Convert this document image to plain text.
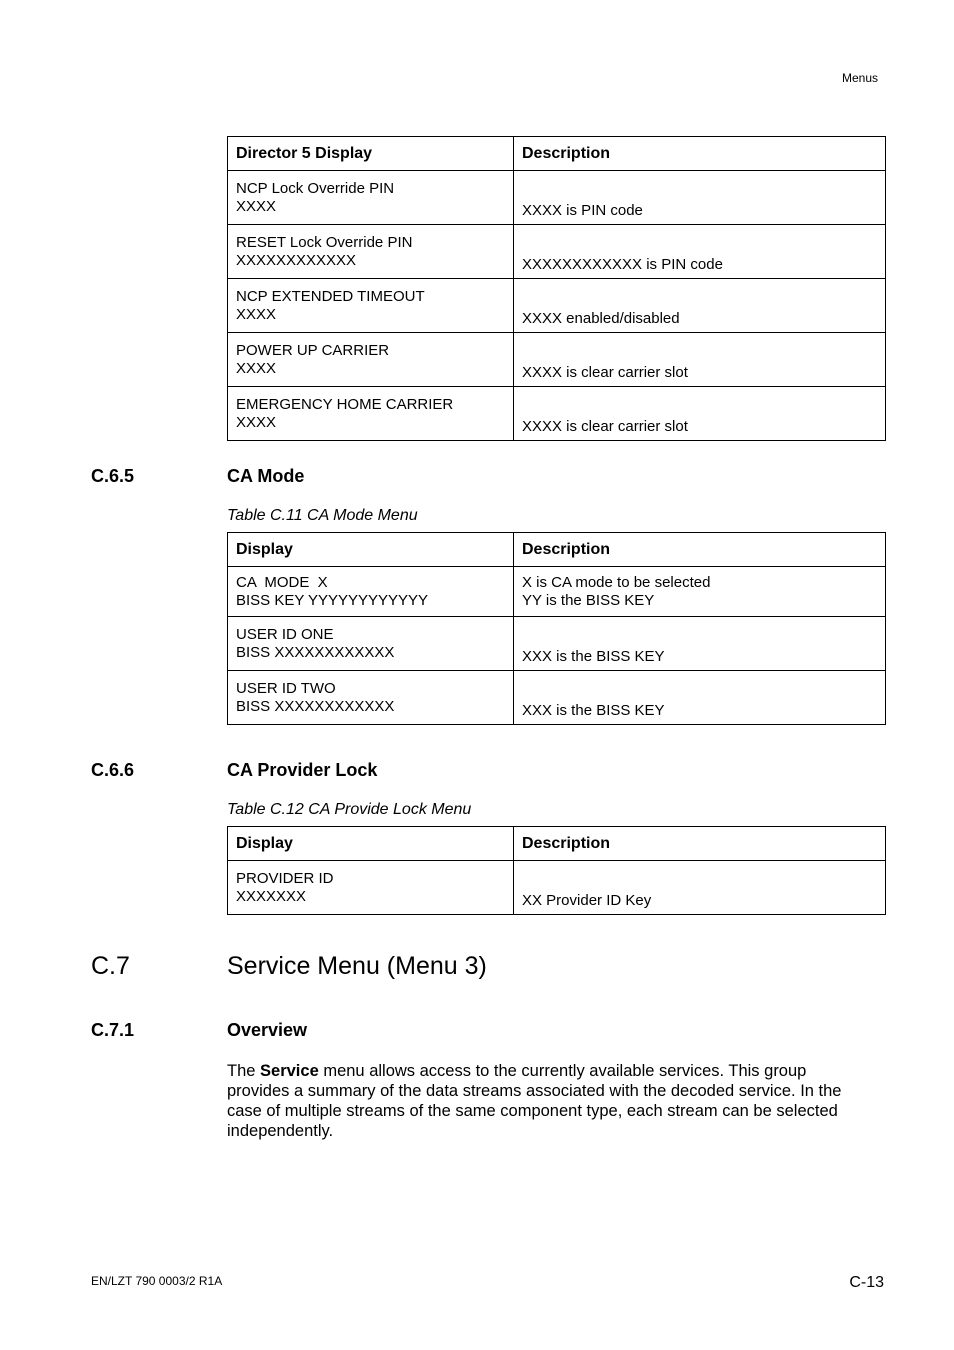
Menus
Director 5 Display	Description

NCP Lock Override PIN
XXXX	XXXX is PIN code

RESET Lock Override PIN
XXXXXXXXXXXX	XXXXXXXXXXXX is PIN code

NCP EXTENDED TIMEOUT
XXXX	XXXX enabled/disabled

POWER UP CARRIER
XXXX	XXXX is clear carrier slot

EMERGENCY HOME CARRIER
XXXX	XXXX is clear carrier slot
C.6.5	CA Mode
Table C.11 CA Mode Menu
Display	Description

CA  MODE  X
BISS KEY YYYYYYYYYYYY	X is CA mode to be selected
YY is the BISS KEY

USER ID ONE
BISS XXXXXXXXXXXX	XXX is the BISS KEY

USER ID TWO
BISS XXXXXXXXXXXX	XXX is the BISS KEY
C.6.6	CA Provider Lock
Table C.12 CA Provide Lock Menu
Display	Description

PROVIDER ID
XXXXXXX	XX Provider ID Key
C.7	Service Menu (Menu 3)
C.7.1	Overview
The Service menu allows access to the currently available services. This group
provides a summary of the data streams associated with the decoded service. In the
case of multiple streams of the same component type, each stream can be selected
independently.
EN/LZT 790 0003/2 R1A	C-13
